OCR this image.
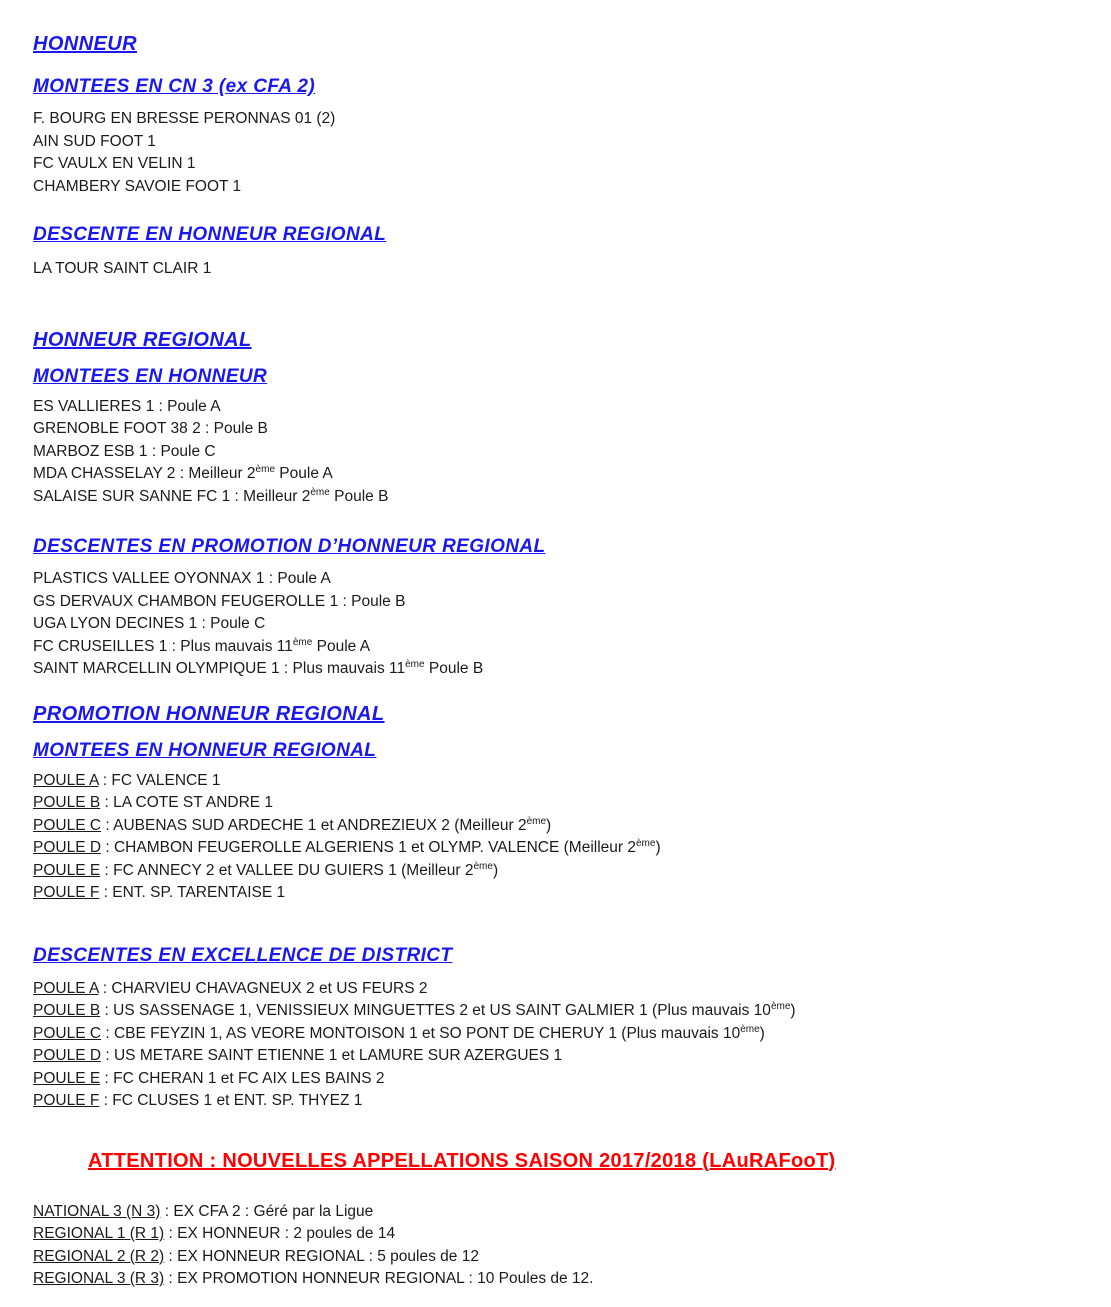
HONNEUR
MONTEES EN CN 3 (ex CFA 2)
F. BOURG EN BRESSE PERONNAS 01 (2)
AIN SUD FOOT 1
FC VAULX EN VELIN 1
CHAMBERY SAVOIE FOOT 1
DESCENTE EN HONNEUR REGIONAL
LA TOUR SAINT CLAIR 1
HONNEUR REGIONAL
MONTEES EN HONNEUR
ES VALLIERES 1 : Poule A
GRENOBLE FOOT 38 2 : Poule B
MARBOZ ESB 1 : Poule C
MDA CHASSELAY 2 : Meilleur 2ème Poule A
SALAISE SUR SANNE FC 1 : Meilleur 2ème Poule B
DESCENTES EN PROMOTION D’HONNEUR REGIONAL
PLASTICS VALLEE OYONNAX 1 : Poule A
GS DERVAUX CHAMBON FEUGEROLLE 1 : Poule B
UGA LYON DECINES 1 : Poule C
FC CRUSEILLES 1 : Plus mauvais 11ème Poule A
SAINT MARCELLIN OLYMPIQUE 1 : Plus mauvais 11ème Poule B
PROMOTION HONNEUR REGIONAL
MONTEES EN HONNEUR REGIONAL
POULE A : FC VALENCE 1
POULE B : LA COTE ST ANDRE 1
POULE C : AUBENAS SUD ARDECHE 1 et ANDREZIEUX 2 (Meilleur 2ème)
POULE D : CHAMBON FEUGEROLLE ALGERIENS 1 et OLYMP. VALENCE (Meilleur 2ème)
POULE E : FC ANNECY 2 et VALLEE DU GUIERS 1 (Meilleur 2ème)
POULE F : ENT. SP. TARENTAISE 1
DESCENTES EN EXCELLENCE DE DISTRICT
POULE A : CHARVIEU CHAVAGNEUX 2 et US FEURS 2
POULE B : US SASSENAGE 1, VENISSIEUX MINGUETTES 2 et US SAINT GALMIER 1 (Plus mauvais 10ème)
POULE C : CBE FEYZIN 1, AS VEORE MONTOISON 1 et SO PONT DE CHERUY 1 (Plus mauvais 10ème)
POULE D : US METARE SAINT ETIENNE 1 et LAMURE SUR AZERGUES 1
POULE E : FC CHERAN 1 et FC AIX LES BAINS 2
POULE F : FC CLUSES 1 et ENT. SP. THYEZ 1
ATTENTION : NOUVELLES APPELLATIONS SAISON 2017/2018 (LAuRAFooT)
NATIONAL 3 (N 3) : EX CFA 2 : Géré par la Ligue
REGIONAL 1 (R 1) : EX HONNEUR : 2 poules de 14
REGIONAL 2 (R 2) : EX HONNEUR REGIONAL : 5 poules de 12
REGIONAL 3 (R 3) : EX PROMOTION HONNEUR REGIONAL : 10 Poules de 12.
